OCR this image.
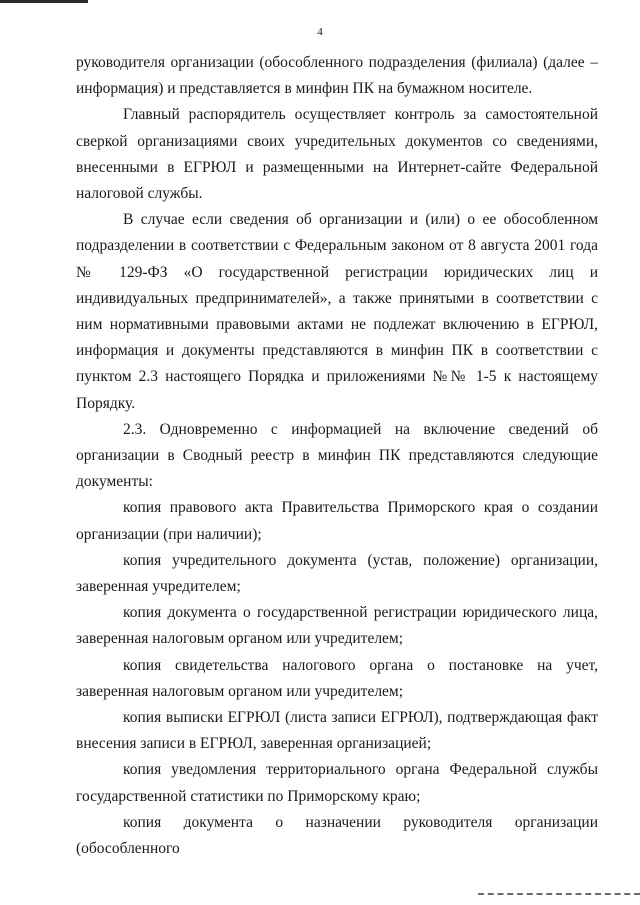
4

руководителя организации (обособленного подразделения (филиала) (далее – информация) и представляется в минфин ПК на бумажном носителе.

Главный распорядитель осуществляет контроль за самостоятельной сверкой организациями своих учредительных документов со сведениями, внесенными в ЕГРЮЛ и размещенными на Интернет-сайте Федеральной налоговой службы.

В случае если сведения об организации и (или) о ее обособленном подразделении в соответствии с Федеральным законом от 8 августа 2001 года № 129-ФЗ «О государственной регистрации юридических лиц и индивидуальных предпринимателей», а также принятыми в соответствии с ним нормативными правовыми актами не подлежат включению в ЕГРЮЛ, информация и документы представляются в минфин ПК в соответствии с пунктом 2.3 настоящего Порядка и приложениями №№ 1-5 к настоящему Порядку.

2.3. Одновременно с информацией на включение сведений об организации в Сводный реестр в минфин ПК представляются следующие документы:

копия правового акта Правительства Приморского края о создании организации (при наличии);

копия учредительного документа (устав, положение) организации, заверенная учредителем;

копия документа о государственной регистрации юридического лица, заверенная налоговым органом или учредителем;

копия свидетельства налогового органа о постановке на учет, заверенная налоговым органом или учредителем;

копия выписки ЕГРЮЛ (листа записи ЕГРЮЛ), подтверждающая факт внесения записи в ЕГРЮЛ, заверенная организацией;

копия уведомления территориального органа Федеральной службы государственной статистики по Приморскому краю;

копия документа о назначении руководителя организации (обособленного
